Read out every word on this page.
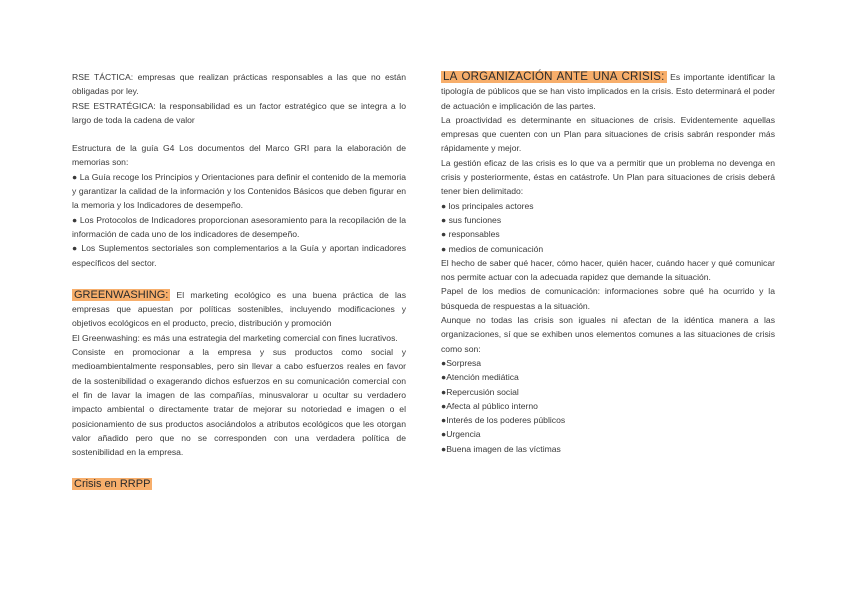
RSE TÁCTICA: empresas que realizan prácticas responsables a las que no están obligadas por ley.

RSE ESTRATÉGICA: la responsabilidad es un factor estratégico que se integra a lo largo de toda la cadena de valor

Estructura de la guía G4 Los documentos del Marco GRI para la elaboración de memorias son:

● La Guía recoge los Principios y Orientaciones para definir el contenido de la memoria y garantizar la calidad de la información y los Contenidos Básicos que deben figurar en la memoria y los Indicadores de desempeño.

● Los Protocolos de Indicadores proporcionan asesoramiento para la recopilación de la información de cada uno de los indicadores de desempeño.

● Los Suplementos sectoriales son complementarios a la Guía y aportan indicadores específicos del sector.

GREENWASHING: El marketing ecológico es una buena práctica de las empresas que apuestan por políticas sostenibles, incluyendo modificaciones y objetivos ecológicos en el producto, precio, distribución y promoción

El Greenwashing: es más una estrategia del marketing comercial con fines lucrativos.

Consiste en promocionar a la empresa y sus productos como social y medioambientalmente responsables, pero sin llevar a cabo esfuerzos reales en favor de la sostenibilidad o exagerando dichos esfuerzos en su comunicación comercial con el fin de lavar la imagen de las compañías, minusvalorar u ocultar su verdadero impacto ambiental o directamente tratar de mejorar su notoriedad e imagen o el posicionamiento de sus productos asociándolos a atributos ecológicos que les otorgan valor añadido pero que no se corresponden con una verdadera política de sostenibilidad en la empresa.

Crisis en RRPP

LA ORGANIZACIÓN ANTE UNA CRISIS: Es importante identificar la tipología de públicos que se han visto implicados en la crisis. Esto determinará el poder de actuación e implicación de las partes.

La proactividad es determinante en situaciones de crisis. Evidentemente aquellas empresas que cuenten con un Plan para situaciones de crisis sabrán responder más rápidamente y mejor.

La gestión eficaz de las crisis es lo que va a permitir que un problema no devenga en crisis y posteriormente, éstas en catástrofe. Un Plan para situaciones de crisis deberá tener bien delimitado:

● los principales actores

● sus funciones

● responsables

● medios de comunicación

El hecho de saber qué hacer, cómo hacer, quién hacer, cuándo hacer y qué comunicar nos permite actuar con la adecuada rapidez que demande la situación.

Papel de los medios de comunicación: informaciones sobre qué ha ocurrido y la búsqueda de respuestas a la situación.

Aunque no todas las crisis son iguales ni afectan de la idéntica manera a las organizaciones, sí que se exhiben unos elementos comunes a las situaciones de crisis como son:

●Sorpresa

●Atención mediática

●Repercusión social

●Afecta al público interno

●Interés de los poderes públicos

●Urgencia

●Buena imagen de las víctimas
